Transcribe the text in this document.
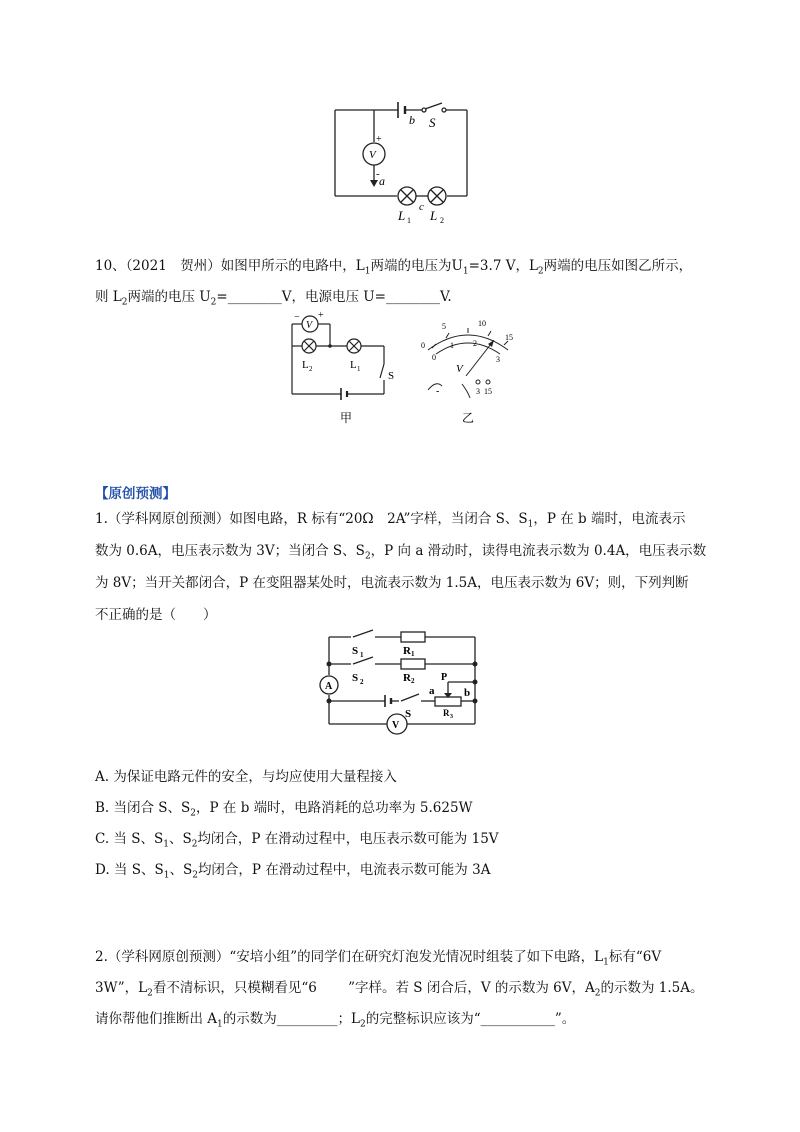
+
-
V
b S
a
L 1
c
L 2
10、（2021　贺州）如图甲所示的电路中，$L_1$两端的电压为$U_1=3.7$ V，$L_2$两端的电压如图乙所示，
则 $L_2$两端的电压 $U_2=\_\_\_\_\_\_\_\_V$，电源电压 U=________V.
− +
V
L 2	L 1
S
甲
0
5	10
15
0
1 2
3
V
-	3 15
乙
【原创预测】
1.（学科网原创预测）如图电路，R 标有“20Ω　2A”字样，当闭合 S、$S_1$，P 在 b 端时，电流表示
数为 0.6A，电压表示数为 3V；当闭合 S、$S_2$，P 向 a 滑动时，读得电流表示数为 0.4A，电压表示数
为 8V；当开关都闭合，P 在变阻器某处时，电流表示数为 1.5A，电压表示数为 6V；则，下列判断
不正确的是（　　）
S 1	R 1
S 2	R 2
A	a
P
b
S	R 3
V
A. 为保证电路元件的安全，与均应使用大量程接入
B. 当闭合 S、$S_2$，P 在 b 端时，电路消耗的总功率为 5.625W
C. 当 S、$S_1$、$S_2$均闭合，P 在滑动过程中，电压表示数可能为 15V
D. 当 S、$S_1$、$S_2$均闭合，P 在滑动过程中，电流表示数可能为 3A
2.（学科网原创预测）“安培小组”的同学们在研究灯泡发光情况时组装了如下电路，$L_1$标有“6V
3W”，$L_2$看不清标识，只模糊看见“6　　 ”字样。若 S 闭合后，V 的示数为 6V，$A_2$的示数为 1.5A。
请你帮他们推断出 $A_1$的示数为_________；$L_2$的完整标识应该为“___________”。
